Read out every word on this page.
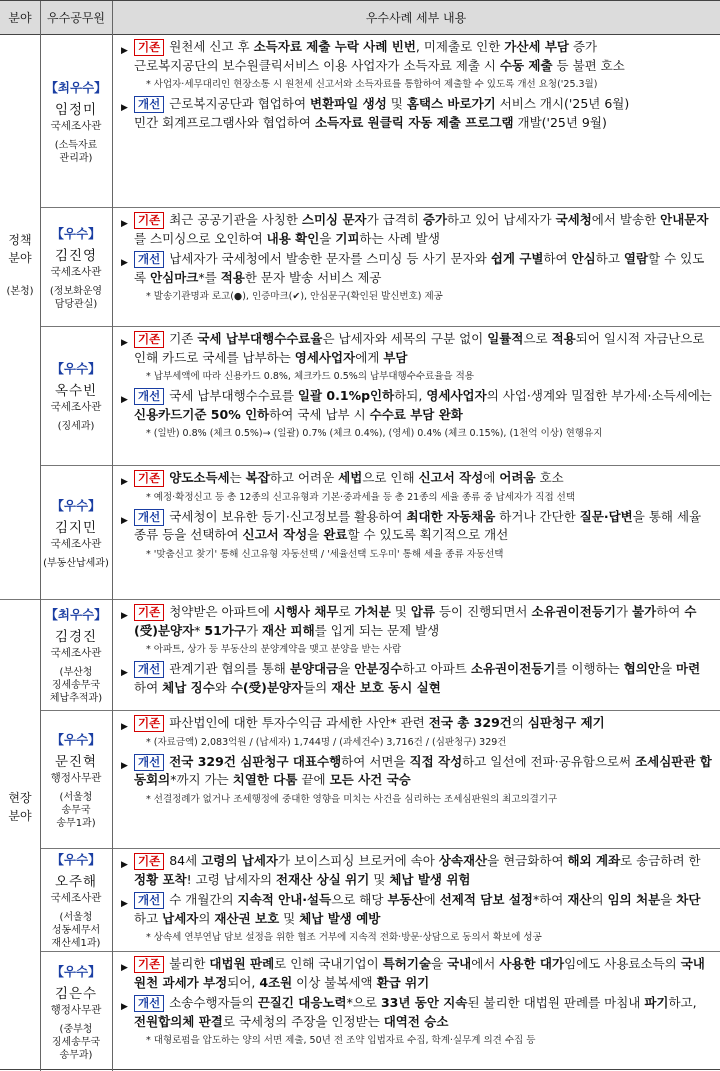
분야	우수공무원	우수사례 세부 내용
정책
분야
(본청)
현장
분야
【최우수】
임정미
국세조사관
(소득자료
관리과)
▶ 기존 원천세 신고 후 소득자료 제출 누락 사례 빈번, 미제출로 인한 가산세 부담 증가
근로복지공단의 보수원클릭서비스 이용 사업자가 소득자료 제출 시 수동 제출 등 불편 호소
* 사업자·세무대리인 현장소통 시 원천세 신고서와 소득자료를 통합하여 제출할 수 있도록 개선 요청('25.3월)
▶ 개선 근로복지공단과 협업하여 변환파일 생성 및 홈택스 바로가기 서비스 개시('25년 6월)
민간 회계프로그램사와 협업하여 소득자료 원클릭 자동 제출 프로그램 개발('25년 9월)
【우수】
김진영
국세조사관
(정보화운영
담당관실)
▶ 기존 최근 공공기관을 사칭한 스미싱 문자가 급격히 증가하고 있어 납세자가 국세청에서 발송한 안내문자를 스미싱으로 오인하여 내용 확인을 기피하는 사례 발생
▶ 개선 납세자가 국세청에서 발송한 문자를 스미싱 등 사기 문자와 쉽게 구별하여 안심하고 열람할 수 있도록 안심마크*를 적용한 문자 발송 서비스 제공
* 발송기관명과 로고(●), 인증마크(✔), 안심문구(확인된 발신번호) 제공
【우수】
옥수빈
국세조사관
(징세과)
▶ 기존 기존 국세 납부대행수수료율은 납세자와 세목의 구분 없이 일률적으로 적용되어 일시적 자금난으로 인해 카드로 국세를 납부하는 영세사업자에게 부담
* 납부세액에 따라 신용카드 0.8%, 체크카드 0.5%의 납부대행수수료율을 적용
▶ 개선 국세 납부대행수수료를 일괄 0.1%p인하하되, 영세사업자의 사업·생계와 밀접한 부가세·소득세에는 신용카드기준 50% 인하하여 국세 납부 시 수수료 부담 완화
* (일반) 0.8% (체크 0.5%)→ (일괄) 0.7% (체크 0.4%), (영세) 0.4% (체크 0.15%), (1천억 이상) 현행유지
【우수】
김지민
국세조사관
(부동산납세과)
▶ 기존 양도소득세는 복잡하고 어려운 세법으로 인해 신고서 작성에 어려움 호소
* 예정·확정신고 등 총 12종의 신고유형과 기본·중과세율 등 총 21종의 세율 종류 중 납세자가 직접 선택
▶ 개선 국세청이 보유한 등기·신고정보를 활용하여 최대한 자동채움 하거나 간단한 질문·답변을 통해 세율 종류 등을 선택하여 신고서 작성을 완료할 수 있도록 획기적으로 개선
* '맞춤신고 찾기' 통해 신고유형 자동선택 / '세율선택 도우미' 통해 세율 종류 자동선택
【최우수】
김경진
국세조사관
(부산청
징세송무국
체납추적과)
▶ 기존 청약받은 아파트에 시행사 채무로 가처분 및 압류 등이 진행되면서 소유권이전등기가 불가하여 수(受)분양자* 51가구가 재산 피해를 입게 되는 문제 발생
* 아파트, 상가 등 부동산의 분양계약을 맺고 분양을 받는 사람
▶ 개선 관계기관 협의를 통해 분양대금을 안분징수하고 아파트 소유권이전등기를 이행하는 협의안을 마련하여 체납 징수와 수(受)분양자들의 재산 보호 동시 실현
【우수】
문진혁
행정사무관
(서울청
송무국
송무1과)
▶ 기존 파산법인에 대한 투자수익금 과세한 사안* 관련 전국 총 329건의 심판청구 제기
* (자료금액) 2,083억원 / (납세자) 1,744명 / (과세건수) 3,716건 / (심판청구) 329건
▶ 개선 전국 329건 심판청구 대표수행하여 서면을 직접 작성하고 일선에 전파·공유함으로써 조세심판관 합동회의*까지 가는 치열한 다툼 끝에 모든 사건 국승
* 선결정례가 없거나 조세행정에 중대한 영향을 미치는 사건을 심리하는 조세심판원의 최고의결기구
【우수】
오주해
국세조사관
(서울청
성동세무서
재산세1과)
▶ 기존 84세 고령의 납세자가 보이스피싱 브로커에 속아 상속재산을 현금화하여 해외 계좌로 송금하려 한 정황 포착! 고령 납세자의 전재산 상실 위기 및 체납 발생 위험
▶ 개선 수 개월간의 지속적 안내·설득으로 해당 부동산에 선제적 담보 설정*하여 재산의 임의 처분을 차단하고 납세자의 재산권 보호 및 체납 발생 예방
* 상속세 연부연납 담보 설정을 위한 협조 거부에 지속적 전화·방문·상담으로 동의서 확보에 성공
【우수】
김은수
행정사무관
(중부청
징세송무국
송무과)
▶ 기존 불리한 대법원 판례로 인해 국내기업이 특허기술을 국내에서 사용한 대가임에도 사용료소득의 국내원천 과세가 부정되어, 4조원 이상 불복세액 환급 위기
▶ 개선 소송수행자들의 끈질긴 대응노력*으로 33년 동안 지속된 불리한 대법원 판례를 마침내 파기하고, 전원합의체 판결로 국세청의 주장을 인정받는 대역전 승소
* 대형로펌을 압도하는 양의 서면 제출, 50년 전 조약 입법자료 수집, 학계·실무계 의견 수집 등
